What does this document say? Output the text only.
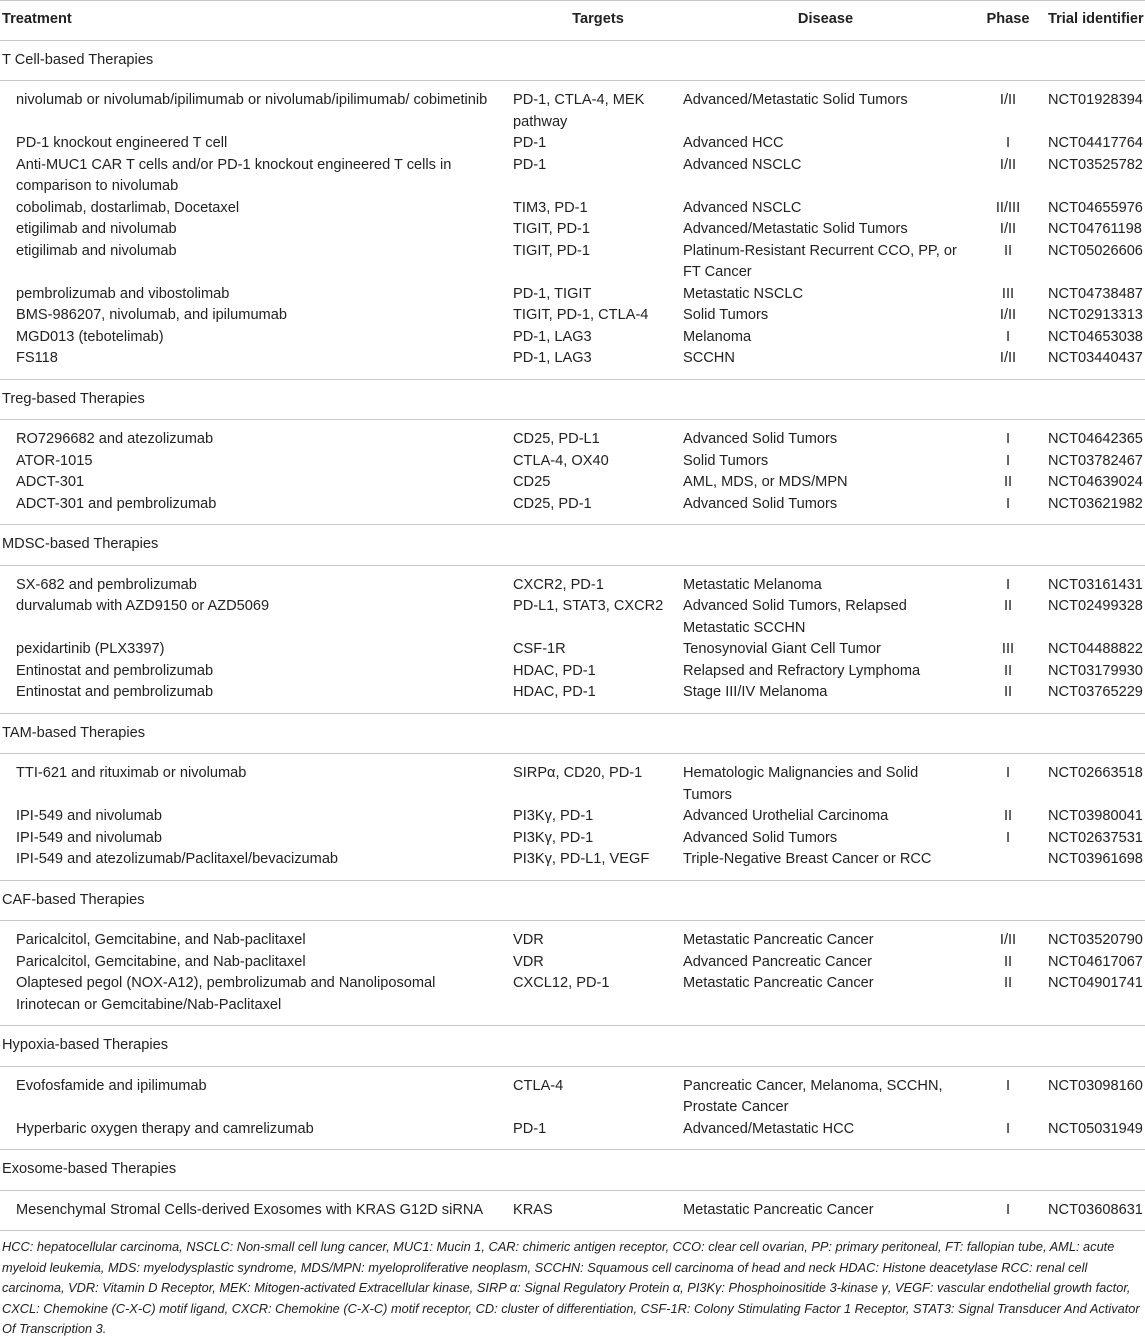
Treatment	Targets	Disease	Phase	Trial identifier
T Cell-based Therapies				
nivolumab or nivolumab/ipilimumab or nivolumab/ipilimumab/ cobimetinib	PD-1, CTLA-4, MEK pathway	Advanced/Metastatic Solid Tumors	I/II	NCT01928394
PD-1 knockout engineered T cell	PD-1	Advanced HCC	I	NCT04417764
Anti-MUC1 CAR T cells and/or PD-1 knockout engineered T cells in comparison to nivolumab	PD-1	Advanced NSCLC	I/II	NCT03525782
cobolimab, dostarlimab, Docetaxel	TIM3, PD-1	Advanced NSCLC	II/III	NCT04655976
etigilimab and nivolumab	TIGIT, PD-1	Advanced/Metastatic Solid Tumors	I/II	NCT04761198
etigilimab and nivolumab	TIGIT, PD-1	Platinum-Resistant Recurrent CCO, PP, or FT Cancer	II	NCT05026606
pembrolizumab and vibostolimab	PD-1, TIGIT	Metastatic NSCLC	III	NCT04738487
BMS-986207, nivolumab, and ipilumumab	TIGIT, PD-1, CTLA-4	Solid Tumors	I/II	NCT02913313
MGD013 (tebotelimab)	PD-1, LAG3	Melanoma	I	NCT04653038
FS118	PD-1, LAG3	SCCHN	I/II	NCT03440437
Treg-based Therapies				
RO7296682 and atezolizumab	CD25, PD-L1	Advanced Solid Tumors	I	NCT04642365
ATOR-1015	CTLA-4, OX40	Solid Tumors	I	NCT03782467
ADCT-301	CD25	AML, MDS, or MDS/MPN	II	NCT04639024
ADCT-301 and pembrolizumab	CD25, PD-1	Advanced Solid Tumors	I	NCT03621982
MDSC-based Therapies				
SX-682 and pembrolizumab	CXCR2, PD-1	Metastatic Melanoma	I	NCT03161431
durvalumab with AZD9150 or AZD5069	PD-L1, STAT3, CXCR2	Advanced Solid Tumors, Relapsed Metastatic SCCHN	II	NCT02499328
pexidartinib (PLX3397)	CSF-1R	Tenosynovial Giant Cell Tumor	III	NCT04488822
Entinostat and pembrolizumab	HDAC, PD-1	Relapsed and Refractory Lymphoma	II	NCT03179930
Entinostat and pembrolizumab	HDAC, PD-1	Stage III/IV Melanoma	II	NCT03765229
TAM-based Therapies				
TTI-621 and rituximab or nivolumab	SIRPα, CD20, PD-1	Hematologic Malignancies and Solid Tumors	I	NCT02663518
IPI-549 and nivolumab	PI3Kγ, PD-1	Advanced Urothelial Carcinoma	II	NCT03980041
IPI-549 and nivolumab	PI3Kγ, PD-1	Advanced Solid Tumors	I	NCT02637531
IPI-549 and atezolizumab/Paclitaxel/bevacizumab	PI3Kγ, PD-L1, VEGF	Triple-Negative Breast Cancer or RCC		NCT03961698
CAF-based Therapies				
Paricalcitol, Gemcitabine, and Nab-paclitaxel	VDR	Metastatic Pancreatic Cancer	I/II	NCT03520790
Paricalcitol, Gemcitabine, and Nab-paclitaxel	VDR	Advanced Pancreatic Cancer	II	NCT04617067
Olaptesed pegol (NOX-A12), pembrolizumab and Nanoliposomal Irinotecan or Gemcitabine/Nab-Paclitaxel	CXCL12, PD-1	Metastatic Pancreatic Cancer	II	NCT04901741
Hypoxia-based Therapies				
Evofosfamide and ipilimumab	CTLA-4	Pancreatic Cancer, Melanoma, SCCHN, Prostate Cancer	I	NCT03098160
Hyperbaric oxygen therapy and camrelizumab	PD-1	Advanced/Metastatic HCC	I	NCT05031949
Exosome-based Therapies				
Mesenchymal Stromal Cells-derived Exosomes with KRAS G12D siRNA	KRAS	Metastatic Pancreatic Cancer	I	NCT03608631
HCC: hepatocellular carcinoma, NSCLC: Non-small cell lung cancer, MUC1: Mucin 1, CAR: chimeric antigen receptor, CCO: clear cell ovarian, PP: primary peritoneal, FT: fallopian tube, AML: acute myeloid leukemia, MDS: myelodysplastic syndrome, MDS/MPN: myeloproliferative neoplasm, SCCHN: Squamous cell carcinoma of head and neck HDAC: Histone deacetylase RCC: renal cell carcinoma, VDR: Vitamin D Receptor, MEK: Mitogen-activated Extracellular kinase, SIRP α: Signal Regulatory Protein α, PI3Kγ: Phosphoinositide 3-kinase γ, VEGF: vascular endothelial growth factor, CXCL: Chemokine (C-X-C) motif ligand, CXCR: Chemokine (C-X-C) motif receptor, CD: cluster of differentiation, CSF-1R: Colony Stimulating Factor 1 Receptor, STAT3: Signal Transducer And Activator Of Transcription 3.
